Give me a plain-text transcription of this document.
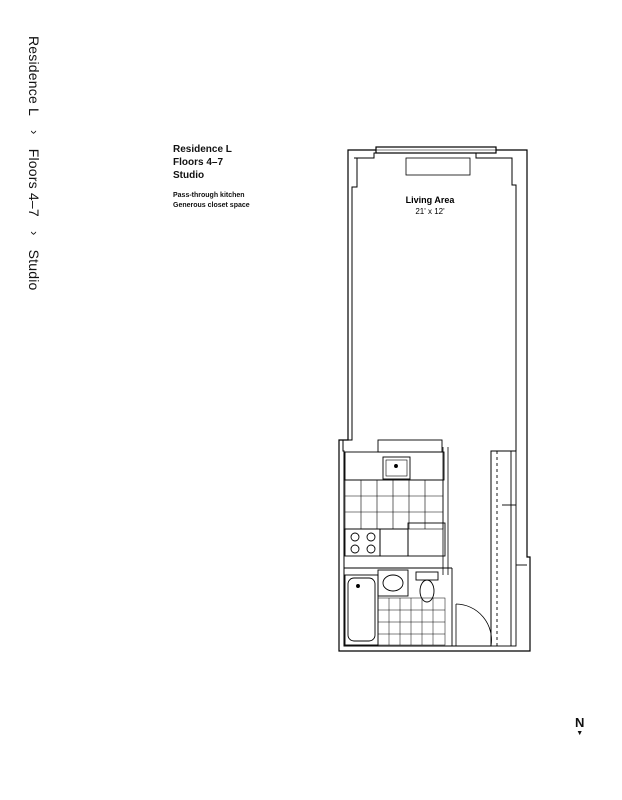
Residence L › Floors 4–7 › Studio
Residence L
Floors 4–7
Studio
Pass-through kitchen
Generous closet space
Living Area
21' x 12'
N
▼
